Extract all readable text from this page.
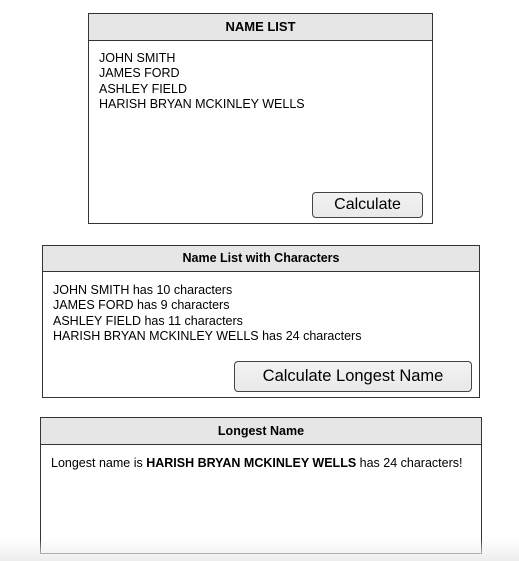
NAME LIST
JOHN SMITH
JAMES FORD
ASHLEY FIELD
HARISH BRYAN MCKINLEY WELLS
Calculate
Name List with Characters
JOHN SMITH has 10 characters
JAMES FORD has 9 characters
ASHLEY FIELD has 11 characters
HARISH BRYAN MCKINLEY WELLS has 24 characters
Calculate Longest Name
Longest Name
Longest name is HARISH BRYAN MCKINLEY WELLS has 24 characters!
